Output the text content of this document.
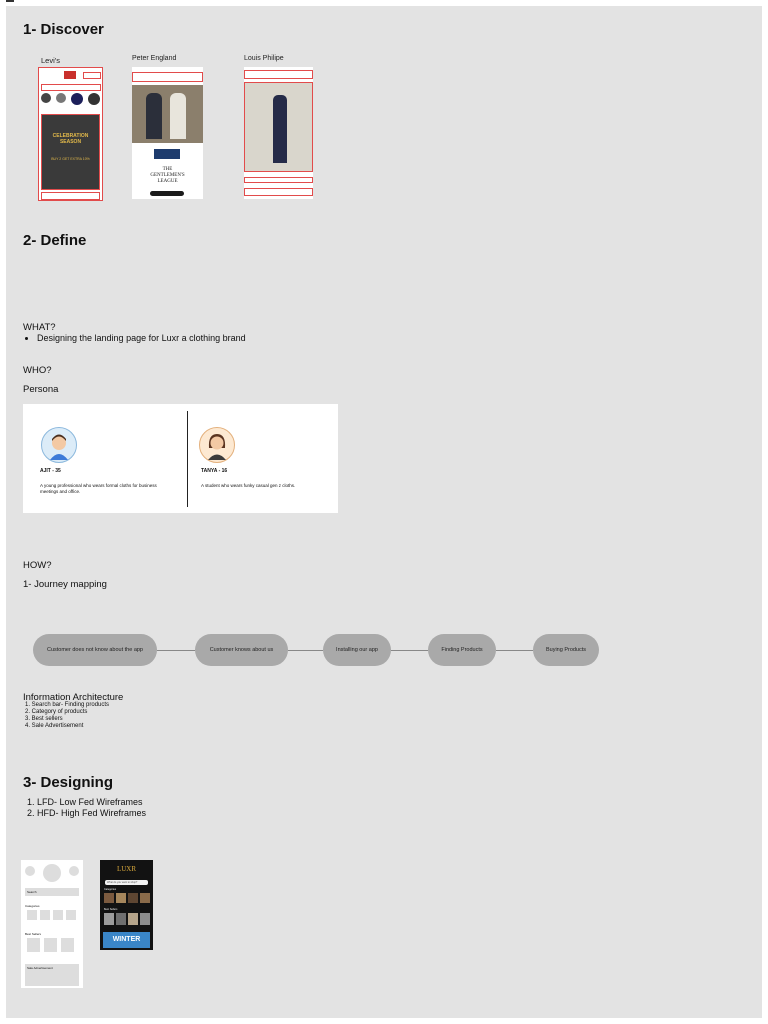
1- Discover
Levi's	Peter England	Louis Philipe
CELEBRATION
SEASON
BUY 2 GET EXTRA 10%
THE
GENTLEMEN'S
LEAGUE
2- Define
WHAT?
• Designing the landing page for Luxr a clothing brand
WHO?
Persona
AJIT - 35
A young professional who wears formal cloths for business meetings and office.
TANYA - 16
A student who wears funky casual gen z cloths.
HOW?
1- Journey mapping
Customer does not know about the app	Customer knows about us	Installing our app	Finding Products	Buying Products
Information Architecture
1. Search bar- Finding products
2. Category of products
3. Best sellers
4. Sale Advertisement
3- Designing
1. LFD- Low Fed Wireframes
2. HFD- High Fed Wireframes
Search
Categories
Best Sellers
Sale Advertisement
LUXR
What do you want to shop?
Categories
Best Sellers
WINTER
